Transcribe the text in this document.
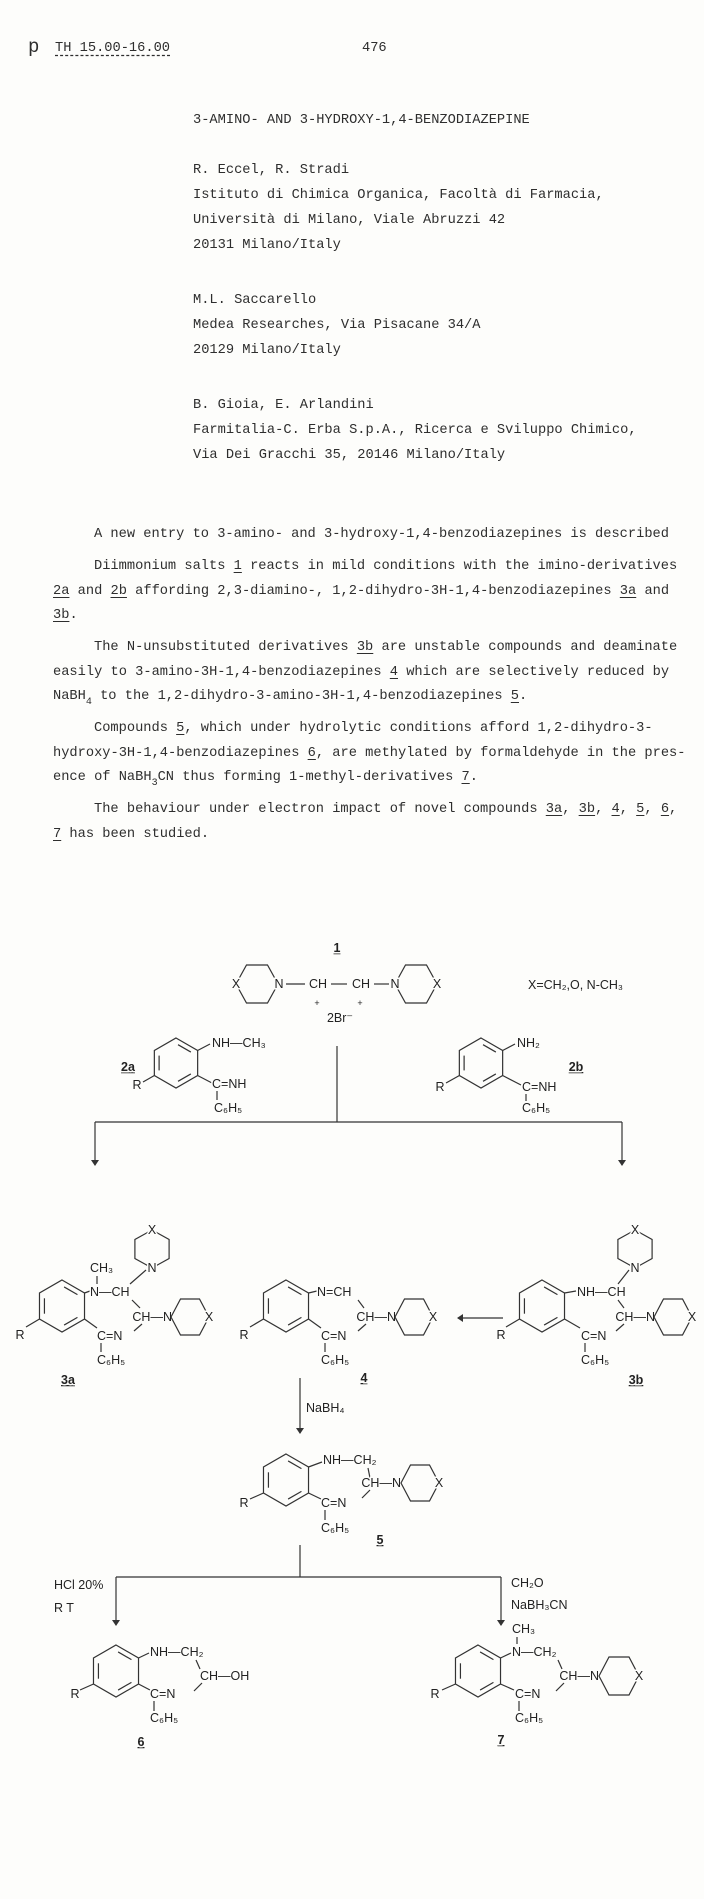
p TH 15.00-16.00	476
3-AMINO- AND 3-HYDROXY-1,4-BENZODIAZEPINE
R. Eccel, R. Stradi
Istituto di Chimica Organica, Facoltà di Farmacia,
Università di Milano, Viale Abruzzi 42
20131 Milano/Italy
M.L. Saccarello
Medea Researches, Via Pisacane 34/A
20129 Milano/Italy
B. Gioia, E. Arlandini
Farmitalia-C. Erba S.p.A., Ricerca e Sviluppo Chimico,
Via Dei Gracchi 35, 20146 Milano/Italy
A new entry to 3-amino- and 3-hydroxy-1,4-benzodiazepines is described
Diimmonium salts 1 reacts in mild conditions with the imino-derivatives
2a and 2b affording 2,3-diamino-, 1,2-dihydro-3H-1,4-benzodiazepines 3a and
3b.
The N-unsubstituted derivatives 3b are unstable compounds and deaminate
easily to 3-amino-3H-1,4-benzodiazepines 4 which are selectively reduced by
NaBH$_4$ to the 1,2-dihydro-3-amino-3H-1,4-benzodiazepines 5.
Compounds 5, which under hydrolytic conditions afford 1,2-dihydro-3-
hydroxy-3H-1,4-benzodiazepines 6, are methylated by formaldehyde in the pres-
ence of NaBH$_3$CN thus forming 1-methyl-derivatives 7.
The behaviour under electron impact of novel compounds 3a, 3b, 4, 5, 6,
7 has been studied.
1
X	N CH CH N	X
+	+
2Br⁻
X=CH₂,O, N-CH₃
NH—CH₃
C=NH
C₆H₅
R
2a
NH₂
C=NH
C₆H₅
R
2b
N—CH
CH₃	N
X
CH—N	X
C=N
C₆H₅
R
3a
N=CH
CH—N	X
C=N
C₆H₅
R
4
NH—CH
N
X
CH—N	X
C=N
C₆H₅
R
3b
NaBH₄
NH—CH₂
CH—N	X
C=N
C₆H₅
R
5
HCl 20%
R T
CH₂O
NaBH₃CN
NH—CH₂
CH—OH
C=N
C₆H₅
R
6
N—CH₂
CH₃
CH—N	X
C=N
C₆H₅
R
7
